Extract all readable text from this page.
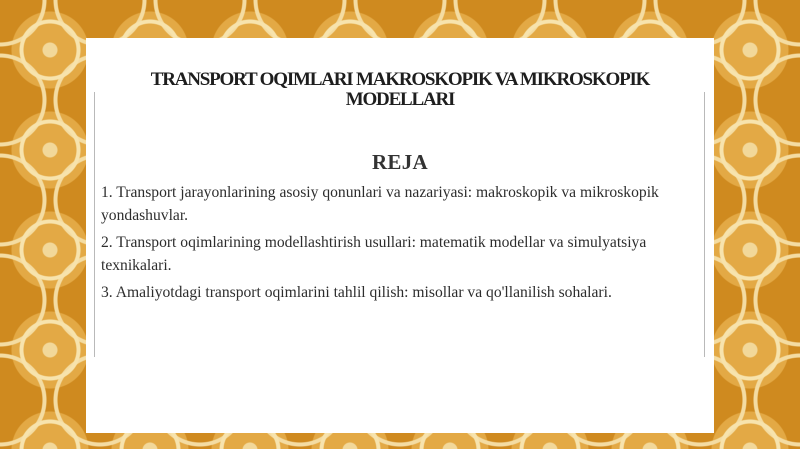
TRANSPORT OQIMLARI MAKROSKOPIK VA MIKROSKOPIK MODELLARI
REJA
1. Transport jarayonlarining asosiy qonunlari va nazariyasi: makroskopik va mikroskopik yondashuvlar.
2. Transport oqimlarining modellashtirish usullari: matematik modellar va simulyatsiya texnikalari.
3. Amaliyotdagi transport oqimlarini tahlil qilish: misollar va qo'llanilish sohalari.
